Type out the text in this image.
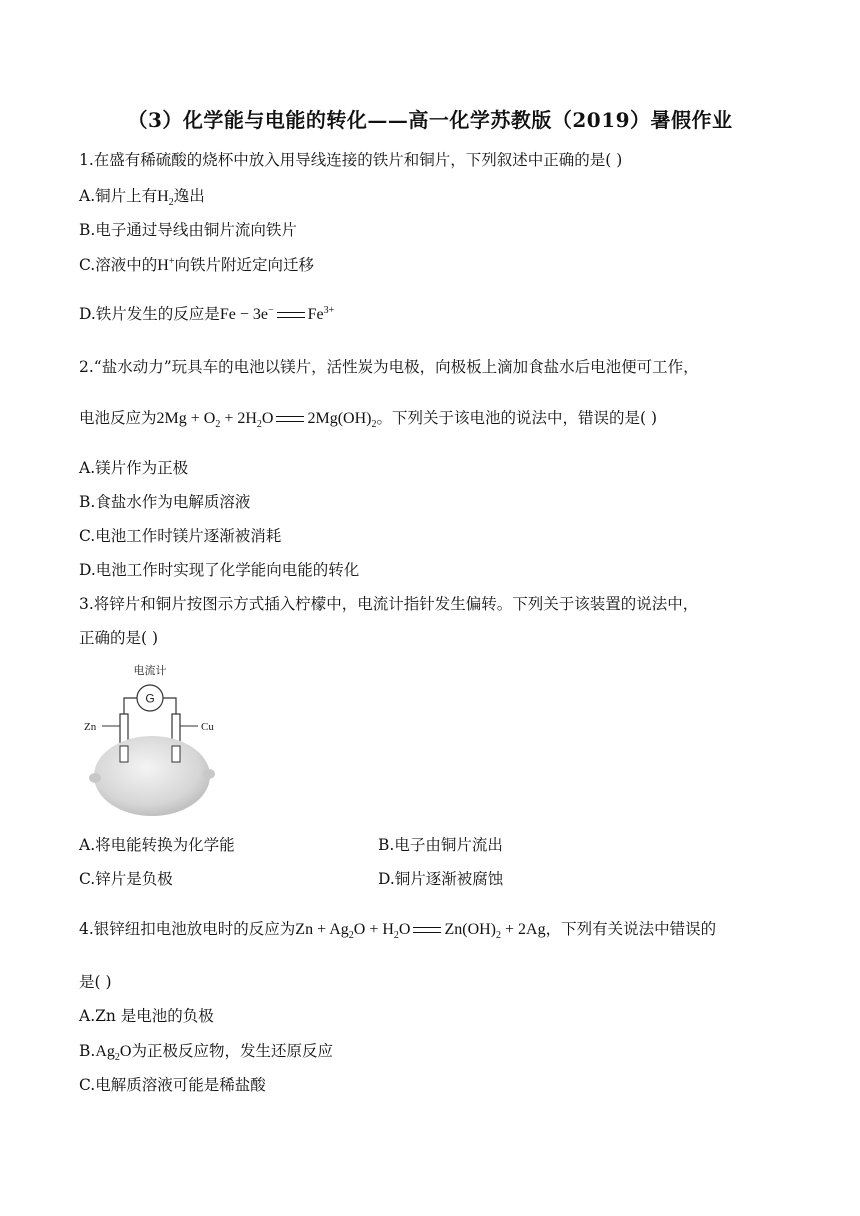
（3）化学能与电能的转化——高一化学苏教版（2019）暑假作业
1.在盛有稀硫酸的烧杯中放入用导线连接的铁片和铜片，下列叙述中正确的是( )
A.铜片上有$H_2$逸出
B.电子通过导线由铜片流向铁片
C.溶液中的H+向铁片附近定向迁移
D.铁片发生的反应是Fe − 3e− $Fe^{3+}$
2.“盐水动力”玩具车的电池以镁片，活性炭为电极，向极板上滴加食盐水后电池便可工作，
电池反应为$2Mg + O_2 + 2H_2O$ $2Mg(OH)_2$。下列关于该电池的说法中，错误的是( )
A.镁片作为正极
B.食盐水作为电解质溶液
C.电池工作时镁片逐渐被消耗
D.电池工作时实现了化学能向电能的转化
3.将锌片和铜片按图示方式插入柠檬中，电流计指针发生偏转。下列关于该装置的说法中，
正确的是( )
电流计
G
Zn	Cu
A.将电能转换为化学能	B.电子由铜片流出
C.锌片是负极	D.铜片逐渐被腐蚀
4.银锌纽扣电池放电时的反应为$Zn + Ag_2O + H_2O$ $Zn(OH)_2 + 2Ag$，下列有关说法中错误的
是( )
A.Zn 是电池的负极
$B.Ag_2O$为正极反应物，发生还原反应
C.电解质溶液可能是稀盐酸
